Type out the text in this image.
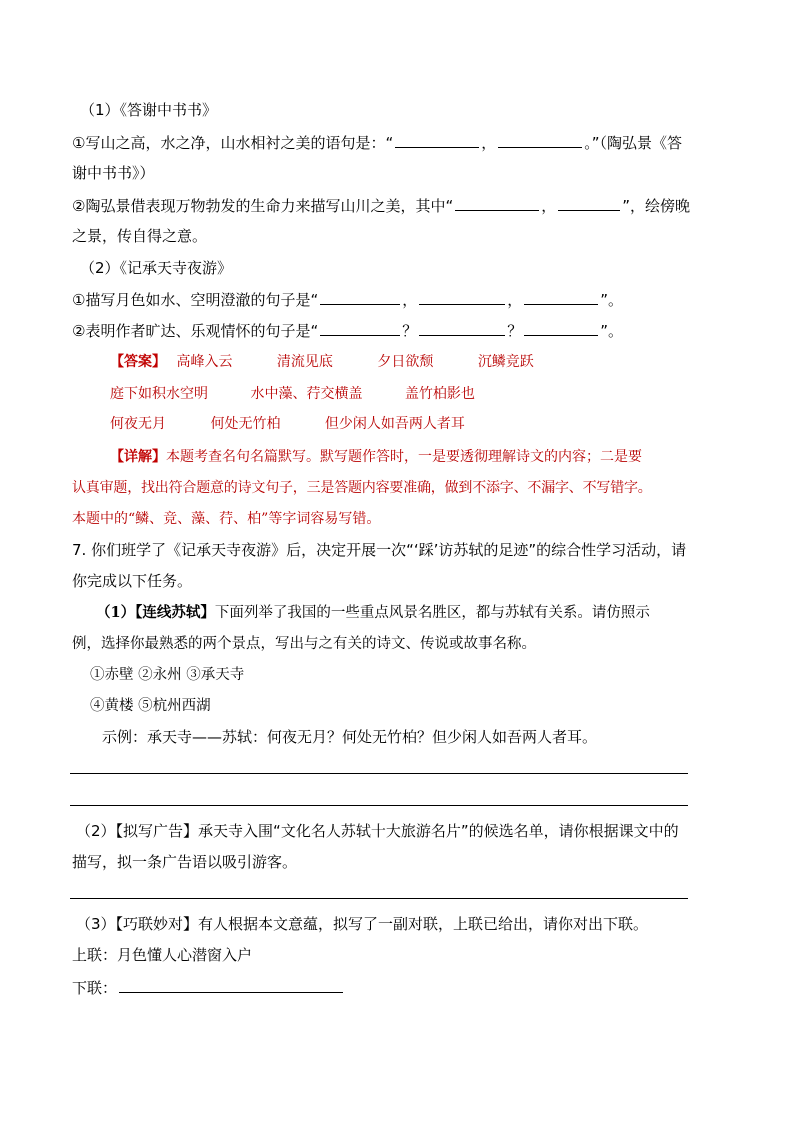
（1）《答谢中书书》
①写山之高，水之净，山水相衬之美的语句是：“	，	。”（陶弘景《答
谢中书书》）
②陶弘景借表现万物勃发的生命力来描写山川之美，其中“	，	”，绘傍晚
之景，传自得之意。
（2）《记承天寺夜游》
①描写月色如水、空明澄澈的句子是“	，	，	”。
②表明作者旷达、乐观情怀的句子是“	？	？	”。
【答案】 高峰入云	清流见底	夕日欲颓	沉鳞竞跃
庭下如积水空明	水中藻、荇交横盖	盖竹柏影也
何夜无月	何处无竹柏	但少闲人如吾两人者耳
【详解】本题考查名句名篇默写。默写题作答时，一是要透彻理解诗文的内容；二是要
认真审题，找出符合题意的诗文句子，三是答题内容要准确，做到不添字、不漏字、不写错字。
本题中的“鳞、竞、藻、荇、柏”等字词容易写错。
7. 你们班学了《记承天寺夜游》后，决定开展一次“‘踩’访苏轼的足迹”的综合性学习活动，请
你完成以下任务。
（1）【连线苏轼】下面列举了我国的一些重点风景名胜区，都与苏轼有关系。请仿照示
例，选择你最熟悉的两个景点，写出与之有关的诗文、传说或故事名称。
①赤壁 ②永州 ③承天寺
④黄楼 ⑤杭州西湖
示例：承天寺——苏轼：何夜无月？何处无竹柏？但少闲人如吾两人者耳。
（2）【拟写广告】承天寺入围“文化名人苏轼十大旅游名片”的候选名单，请你根据课文中的
描写，拟一条广告语以吸引游客。
（3）【巧联妙对】有人根据本文意蕴，拟写了一副对联，上联已给出，请你对出下联。
上联：月色懂人心潜窗入户
下联：
